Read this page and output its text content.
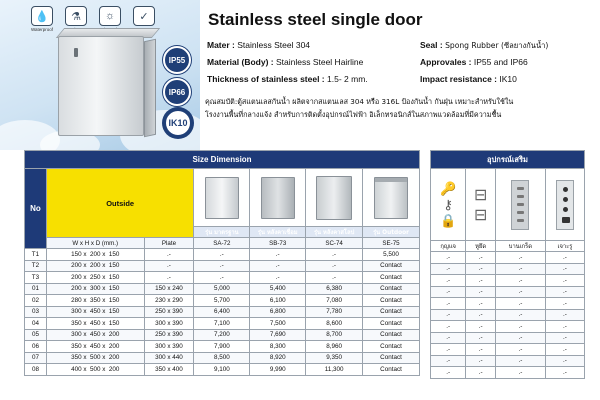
💧
Waterproof
⚗	☼	✓
IP55
IP66
IK10
Stainless steel single door
Mater : Stainless Steel 304	Seal : Spong Rubber (ซีลยางกันน้ำ)
Material (Body) : Stainless Steel Hairline	Approvales : IP55 and IP66
Thickness of stainless steel : 1.5- 2 mm.	Impact resistance : IK10
คุณสมบัติ:ตู้สแตนเลสกันน้ำ ผลิตจากสแตนเลส 304 หรือ 316L ป้องกันน้ำ กันฝุ่น เหมาะสำหรับใช้ใน
โรงงานพื้นที่กลางแจ้ง สำหรับการติดตั้งอุปกรณ์ไฟฟ้า อิเล็กทรอนิกส์ในสภาพแวดล้อมที่มีความชื้น
Size Dimension						
No	Outside		

			รุ่น มาตรฐาน	รุ่น หลังคาเชื่อม	รุ่น หลังคาสโลป	รุ่น Outdoor
	W x H x D (mm.)	Plate	SA-72	SB-73	SC-74	SE-75

T1	150 x  200 x  150	.-	.-	.-	.-	5,500
T2	200 x  200 x  150	.-	.-	.-	.-	Contact
T3	200 x  250 x  150	.-	.-	.-	.-	Contact
01	200 x  300 x  150	150 x 240	5,000	5,400	6,380	Contact
02	280 x  350 x  150	230 x 290	5,700	6,100	7,080	Contact
03	300 x  450 x  150	250 x 390	6,400	6,800	7,780	Contact
04	350 x  450 x  150	300 x 390	7,100	7,500	8,600	Contact
05	300 x  450 x  200	250 x 390	7,200	7,690	8,700	Contact
06	350 x  450 x  200	300 x 390	7,900	8,300	8,960	Contact
07	350 x  500 x  200	300 x 440	8,500	8,920	9,350	Contact
08	400 x  500 x  200	350 x 400	9,100	9,990	11,300	Contact
อุปกรณ์เสริม			

🔑
⚷
🔒	⊟
⊟		

กุญแจ	หูยึด	บานเกร็ด	เจาะรู
.-	.-	.-	.-
.-	.-	.-	.-
.-	.-	.-	.-
.-	.-	.-	.-
.-	.-	.-	.-
.-	.-	.-	.-
.-	.-	.-	.-
.-	.-	.-	.-
.-	.-	.-	.-
.-	.-	.-	.-
.-	.-	.-	.-
